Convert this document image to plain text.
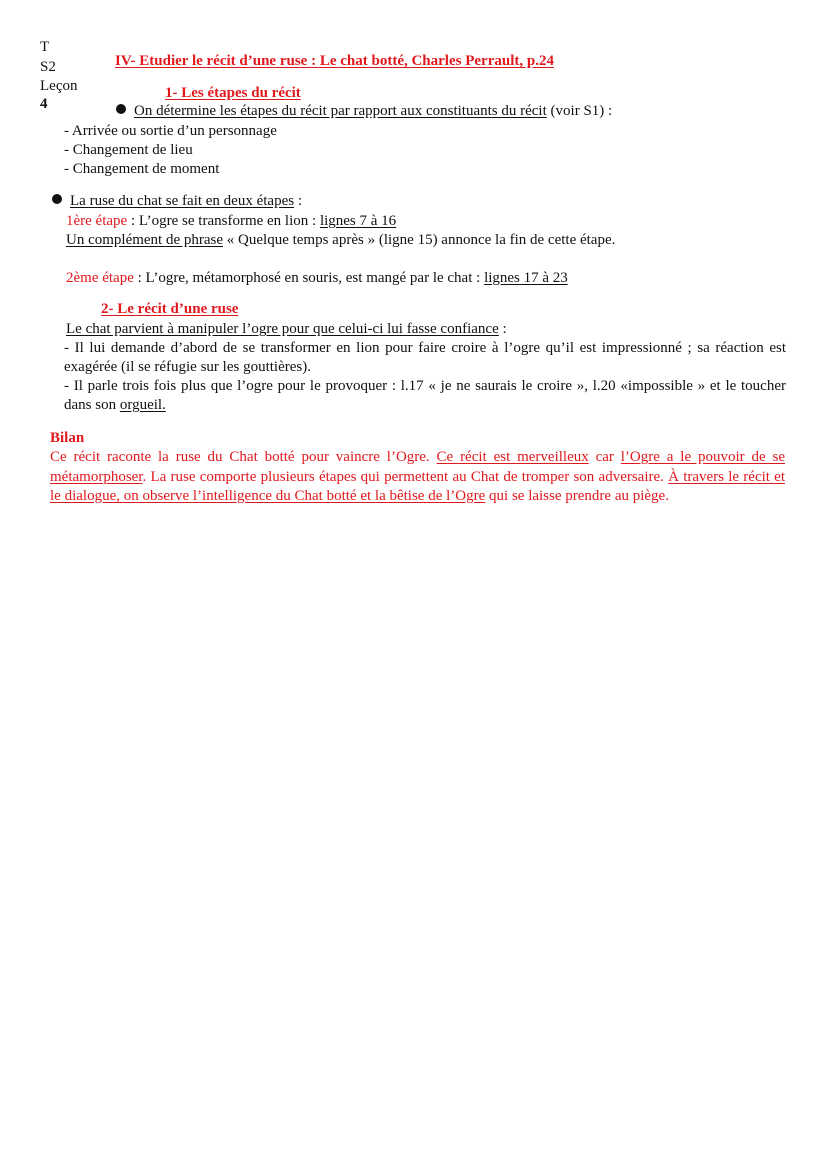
T
S2
Leçon
4
IV- Etudier le récit d’une ruse : Le chat botté, Charles Perrault, p.24
1- Les étapes du récit
On détermine les étapes du récit par rapport aux constituants du récit (voir S1) :
- Arrivée ou sortie d’un personnage
- Changement de lieu
- Changement de moment
La ruse du chat se fait en deux étapes :
1ère étape : L’ogre se transforme en lion : lignes 7 à 16
Un complément de phrase « Quelque temps après » (ligne 15) annonce la fin de cette étape.
2ème étape : L’ogre, métamorphosé en souris, est mangé par le chat : lignes 17 à 23
2- Le récit d’une ruse
Le chat parvient à manipuler l’ogre pour que celui-ci lui fasse confiance :
- Il lui demande d’abord de se transformer en lion pour faire croire à l’ogre qu’il est impressionné ; sa réaction est exagérée (il se réfugie sur les gouttières).
- Il parle trois fois plus que l’ogre pour le provoquer : l.17 « je ne saurais le croire », l.20 «impossible » et le toucher dans son orgueil.
Bilan
Ce récit raconte la ruse du Chat botté pour vaincre l’Ogre. Ce récit est merveilleux car l’Ogre a le pouvoir de se métamorphoser. La ruse comporte plusieurs étapes qui permettent au Chat de tromper son adversaire. À travers le récit et le dialogue, on observe l’intelligence du Chat botté et la bêtise de l’Ogre qui se laisse prendre au piège.
